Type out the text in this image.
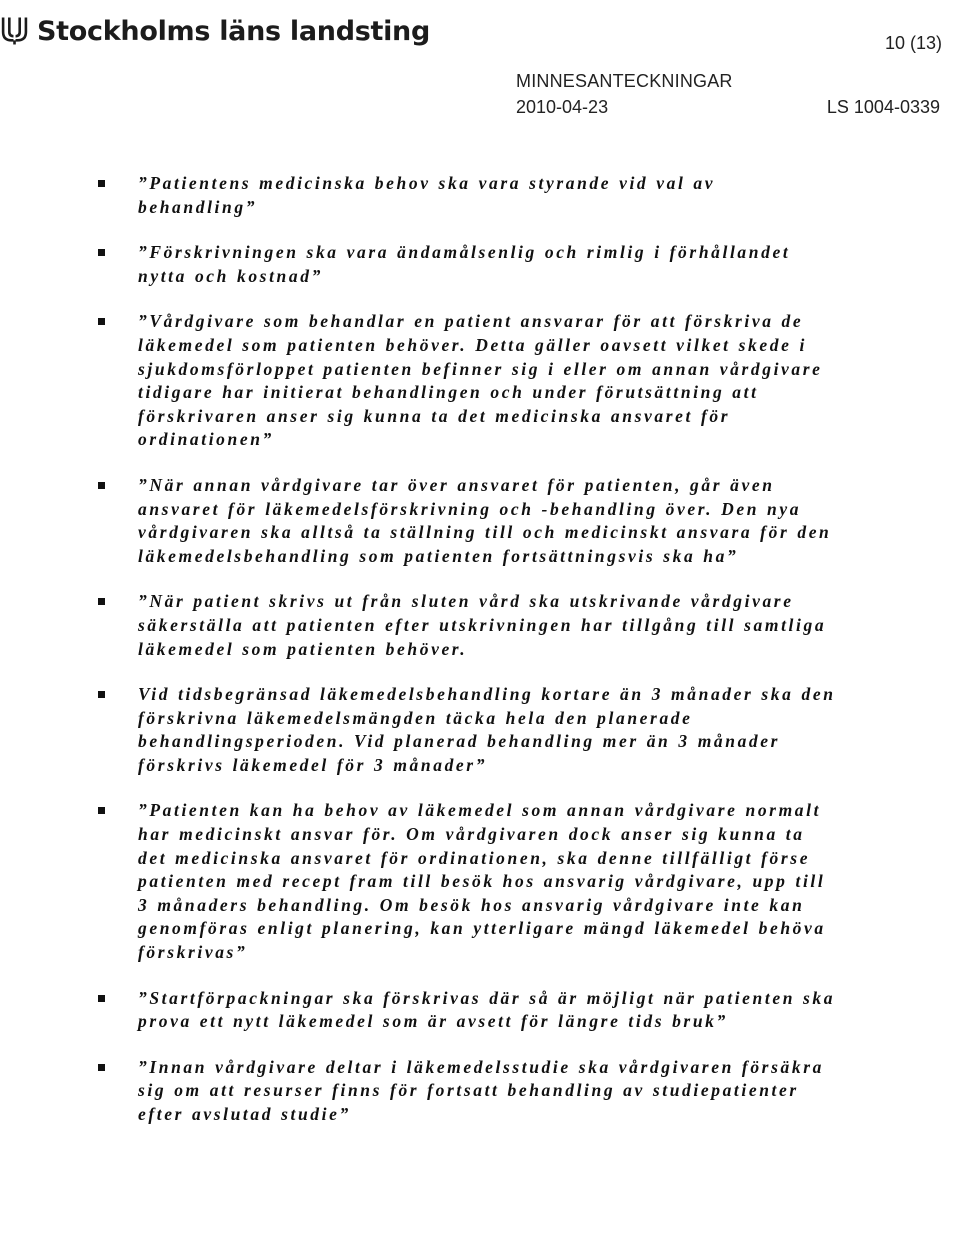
Stockholms läns landsting	10 (13)
MINNESANTECKNINGAR
2010-04-23	LS 1004-0339

”Patientens medicinska behov ska vara styrande vid val av behandling”

”Förskrivningen ska vara ändamålsenlig och rimlig i förhållandet nytta och kostnad”

”Vårdgivare som behandlar en patient ansvarar för att förskriva de läkemedel som patienten behöver. Detta gäller oavsett vilket skede i sjukdomsförloppet patienten befinner sig i eller om annan vårdgivare tidigare har initierat behandlingen och under förutsättning att förskrivaren anser sig kunna ta det medicinska ansvaret för ordinationen”

”När annan vårdgivare tar över ansvaret för patienten, går även ansvaret för läkemedelsförskrivning och -behandling över. Den nya vårdgivaren ska alltså ta ställning till och medicinskt ansvara för den läkemedelsbehandling som patienten fortsättningsvis ska ha”

”När patient skrivs ut från sluten vård ska utskrivande vårdgivare säkerställa att patienten efter utskrivningen har tillgång till samtliga läkemedel som patienten behöver.

Vid tidsbegränsad läkemedelsbehandling kortare än 3 månader ska den förskrivna läkemedelsmängden täcka hela den planerade behandlingsperioden. Vid planerad behandling mer än 3 månader förskrivs läkemedel för 3 månader”

”Patienten kan ha behov av läkemedel som annan vårdgivare normalt har medicinskt ansvar för. Om vårdgivaren dock anser sig kunna ta det medicinska ansvaret för ordinationen, ska denne tillfälligt förse patienten med recept fram till besök hos ansvarig vårdgivare, upp till 3 månaders behandling. Om besök hos ansvarig vårdgivare inte kan genomföras enligt planering, kan ytterligare mängd läkemedel behöva förskrivas”

”Startförpackningar ska förskrivas där så är möjligt när patienten ska prova ett nytt läkemedel som är avsett för längre tids bruk”

”Innan vårdgivare deltar i läkemedelsstudie ska vårdgivaren försäkra sig om att resurser finns för fortsatt behandling av studiepatienter efter avslutad studie”
